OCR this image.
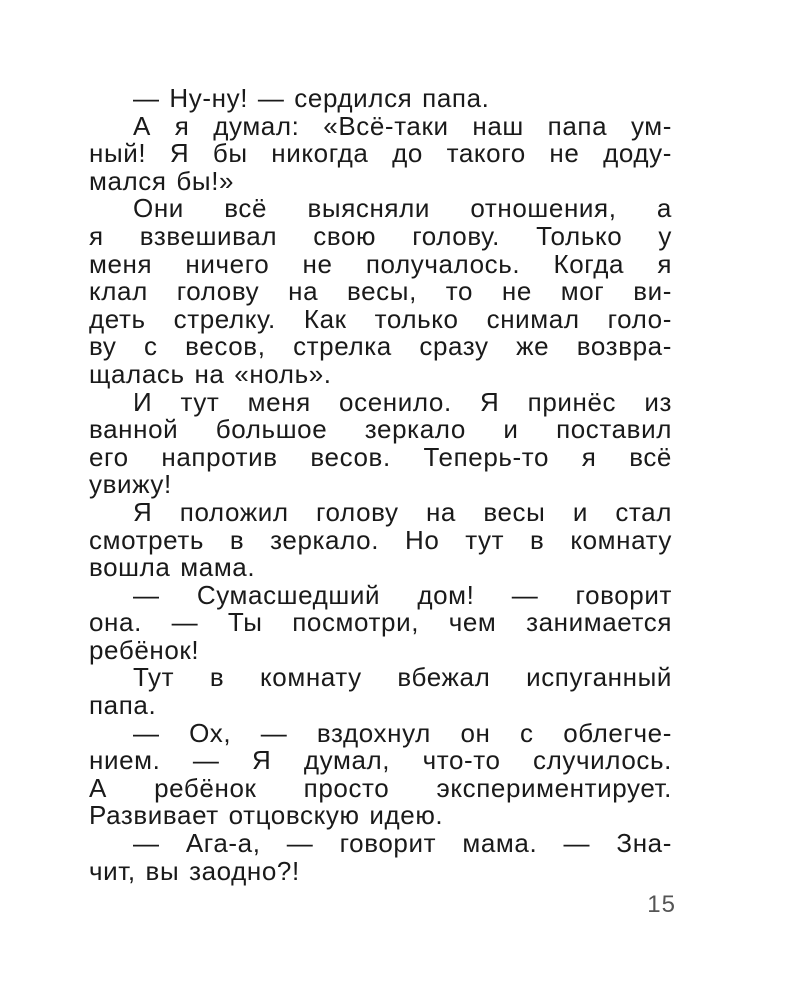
— Ну-ну! — сердился папа.
А я думал: «Всё-таки наш папа ум-
ный! Я бы никогда до такого не доду-
мался бы!»
Они всё выясняли отношения, а
я взвешивал свою голову. Только у
меня ничего не получалось. Когда я
клал голову на весы, то не мог ви-
деть стрелку. Как только снимал голо-
ву с весов, стрелка сразу же возвра-
щалась на «ноль».
И тут меня осенило. Я принёс из
ванной большое зеркало и поставил
его напротив весов. Теперь-то я всё
увижу!
Я положил голову на весы и стал
смотреть в зеркало. Но тут в комнату
вошла мама.
— Сумасшедший дом! — говорит
она. — Ты посмотри, чем занимается
ребёнок!
Тут в комнату вбежал испуганный
папа.
— Ох, — вздохнул он с облегче-
нием. — Я думал, что-то случилось.
А ребёнок просто экспериментирует.
Развивает отцовскую идею.
— Ага-а, — говорит мама. — Зна-
чит, вы заодно?!
15
